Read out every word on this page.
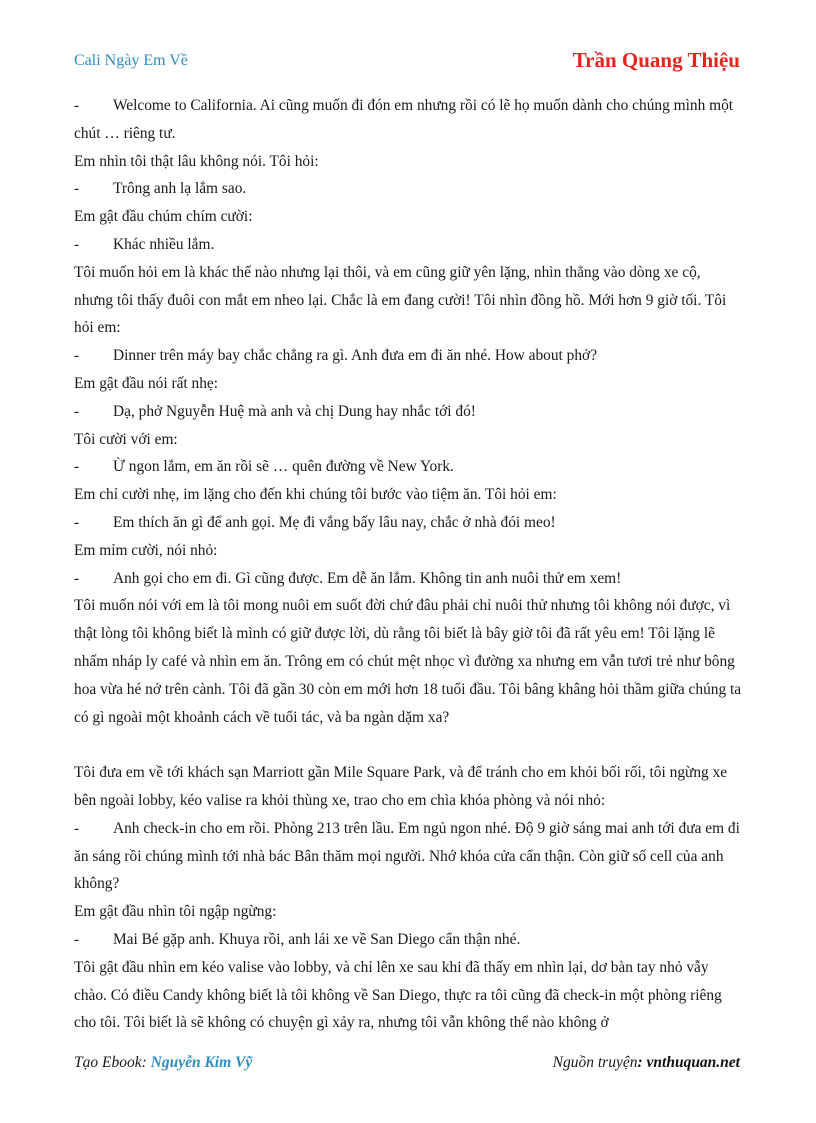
Cali Ngày Em Về	Trần Quang Thiệu

- Welcome to California. Ai cũng muốn đi đón em nhưng rồi có lẽ họ muốn dành cho chúng mình một chút … riêng tư.

Em nhìn tôi thật lâu không nói. Tôi hỏi:

- Trông anh lạ lắm sao.

Em gật đầu chúm chím cười:

- Khác nhiều lắm.

Tôi muốn hỏi em là khác thế nào nhưng lại thôi, và em cũng giữ yên lặng, nhìn thẳng vào dòng xe cộ, nhưng tôi thấy đuôi con mắt em nheo lại. Chắc là em đang cười! Tôi nhìn đồng hồ. Mới hơn 9 giờ tối. Tôi hỏi em:

- Dinner trên máy bay chắc chẳng ra gì. Anh đưa em đi ăn nhé. How about phở?

Em gật đầu nói rất nhẹ:

- Dạ, phở Nguyễn Huệ mà anh và chị Dung hay nhắc tới đó!

Tôi cười với em:

- Ừ ngon lắm, em ăn rồi sẽ … quên đường về New York.

Em chỉ cười nhẹ, im lặng cho đến khi chúng tôi bước vào tiệm ăn. Tôi hỏi em:

- Em thích ăn gì để anh gọi. Mẹ đi vắng bấy lâu nay, chắc ở nhà đói meo!

Em mỉm cười, nói nhỏ:

- Anh gọi cho em đi. Gì cũng được. Em dễ ăn lắm. Không tin anh nuôi thử em xem!

Tôi muốn nói với em là tôi mong nuôi em suốt đời chứ đâu phải chỉ nuôi thử nhưng tôi không nói được, vì thật lòng tôi không biết là mình có giữ được lời, dù rằng tôi biết là bây giờ tôi đã rất yêu em! Tôi lặng lẽ nhấm nháp ly café và nhìn em ăn. Trông em có chút mệt nhọc vì đường xa nhưng em vẫn tươi trẻ như bông hoa vừa hé nở trên cành. Tôi đã gần 30 còn em mới hơn 18 tuổi đầu. Tôi bâng khâng hỏi thầm giữa chúng ta có gì ngoài một khoảnh cách về tuổi tác, và ba ngàn dặm xa?

Tôi đưa em về tới khách sạn Marriott gần Mile Square Park, và để tránh cho em khỏi bối rối, tôi ngừng xe bên ngoài lobby, kéo valise ra khỏi thùng xe, trao cho em chìa khóa phòng và nói nhỏ:

- Anh check-in cho em rồi. Phòng 213 trên lầu. Em ngủ ngon nhé. Độ 9 giờ sáng mai anh tới đưa em đi ăn sáng rồi chúng mình tới nhà bác Bân thăm mọi người. Nhớ khóa cửa cẩn thận. Còn giữ số cell của anh không?

Em gật đầu nhìn tôi ngập ngừng:

- Mai Bé gặp anh. Khuya rồi, anh lái xe về San Diego cẩn thận nhé.

Tôi gật đầu nhìn em kéo valise vào lobby, và chỉ lên xe sau khi đã thấy em nhìn lại, dơ bàn tay nhỏ vẫy chào. Có điều Candy không biết là tôi không về San Diego, thực ra tôi cũng đã check-in một phòng riêng cho tôi. Tôi biết là sẽ không có chuyện gì xảy ra, nhưng tôi vẫn không thể nào không ở

Tạo Ebook: Nguyễn Kim Vỹ	Nguồn truyện: vnthuquan.net
